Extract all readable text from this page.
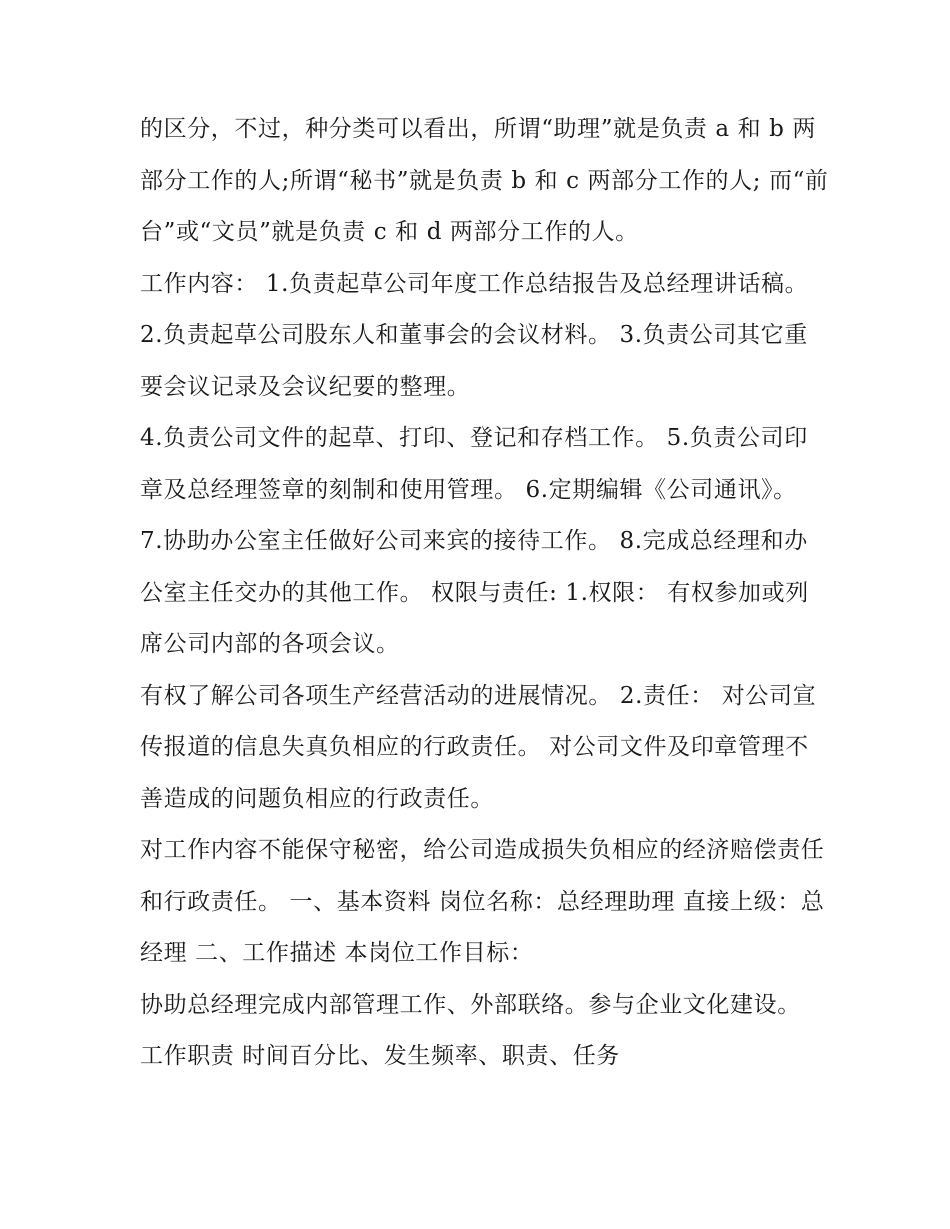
的区分，不过，种分类可以看出，所谓“助理”就是负责 a 和 b 两部分工作的人;所谓“秘书”就是负责 b 和 c 两部分工作的人; 而“前台”或“文员”就是负责 c 和 d 两部分工作的人。

工作内容： 1.负责起草公司年度工作总结报告及总经理讲话稿。 2.负责起草公司股东人和董事会的会议材料。 3.负责公司其它重要会议记录及会议纪要的整理。

4.负责公司文件的起草、打印、登记和存档工作。 5.负责公司印章及总经理签章的刻制和使用管理。 6.定期编辑《公司通讯》。

7.协助办公室主任做好公司来宾的接待工作。 8.完成总经理和办公室主任交办的其他工作。 权限与责任: 1.权限： 有权参加或列席公司内部的各项会议。

有权了解公司各项生产经营活动的进展情况。 2.责任： 对公司宣传报道的信息失真负相应的行政责任。 对公司文件及印章管理不善造成的问题负相应的行政责任。

对工作内容不能保守秘密，给公司造成损失负相应的经济赔偿责任和行政责任。 一、基本资料 岗位名称：总经理助理 直接上级：总经理 二、工作描述 本岗位工作目标：

协助总经理完成内部管理工作、外部联络。参与企业文化建设。 工作职责 时间百分比、发生频率、职责、任务
